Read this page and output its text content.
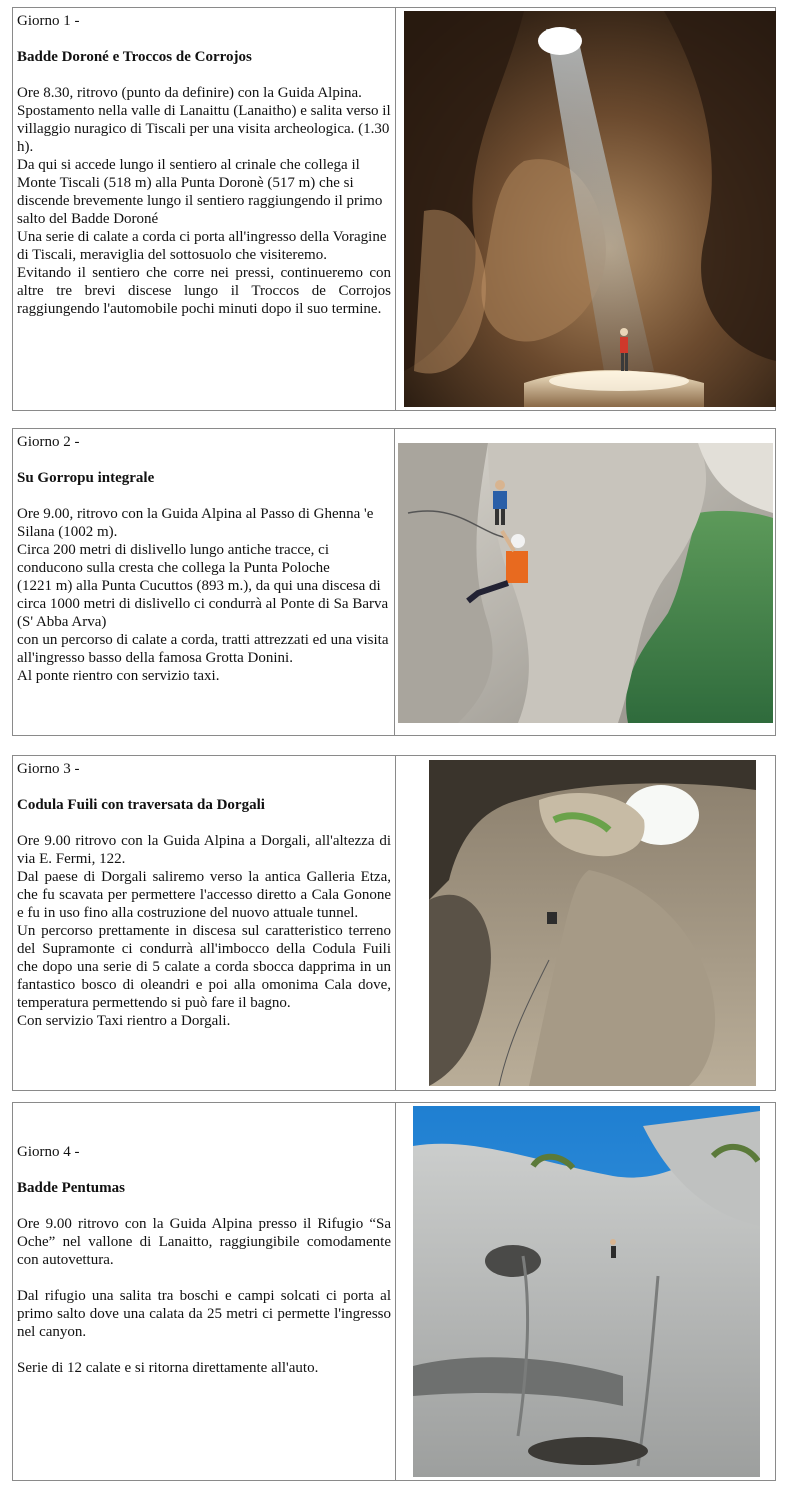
Giorno 1 -
Badde Doroné e Troccos de Corrojos
Ore 8.30, ritrovo (punto da definire) con la Guida Alpina.
Spostamento nella valle di Lanaittu (Lanaitho) e salita verso il villaggio nuragico di Tiscali per una visita archeologica. (1.30 h).
Da qui si accede lungo il sentiero al crinale che collega il Monte Tiscali (518 m) alla Punta Doronè (517 m) che si discende brevemente lungo il sentiero raggiungendo il primo salto del Badde Doroné
Una serie di calate a corda ci porta all'ingresso della Voragine di Tiscali, meraviglia del sottosuolo che visiteremo.
Evitando il sentiero che corre nei pressi, continueremo con altre tre brevi discese lungo il Troccos de Corrojos raggiungendo l'automobile pochi minuti dopo il suo termine.
Giorno 2 -
Su Gorropu integrale
Ore 9.00, ritrovo con la Guida Alpina al Passo di Ghenna 'e Silana (1002 m).
Circa 200 metri di dislivello lungo antiche tracce, ci conducono sulla cresta che collega la Punta Poloche
(1221 m) alla Punta Cucuttos (893 m.), da qui una discesa di circa 1000 metri di dislivello ci condurrà al Ponte di Sa Barva (S' Abba Arva)
con un percorso di calate a corda, tratti attrezzati ed una visita all'ingresso basso della famosa Grotta Donini.
Al ponte rientro con servizio taxi.
Giorno 3 -
Codula Fuili con traversata da Dorgali
Ore 9.00 ritrovo con la Guida Alpina a Dorgali, all'altezza di via E. Fermi, 122.
Dal paese di Dorgali saliremo verso la antica Galleria Etza, che fu scavata per permettere l'accesso diretto a Cala Gonone e fu in uso fino alla costruzione del nuovo attuale tunnel.
Un percorso prettamente in discesa sul caratteristico terreno del Supramonte ci condurrà all'imbocco della Codula Fuili che dopo una serie di 5 calate a corda sbocca dapprima in un fantastico bosco di oleandri e poi alla omonima Cala dove, temperatura permettendo si può fare il bagno.
Con servizio Taxi rientro a Dorgali.
Giorno 4 -
Badde Pentumas
Ore 9.00 ritrovo con la Guida Alpina presso il Rifugio “Sa Oche” nel vallone di Lanaitto, raggiungibile comodamente con autovettura.
Dal rifugio una salita tra boschi e campi solcati ci porta al primo salto dove una calata da 25 metri ci permette l'ingresso nel canyon.
Serie di 12 calate e si ritorna direttamente all'auto.
